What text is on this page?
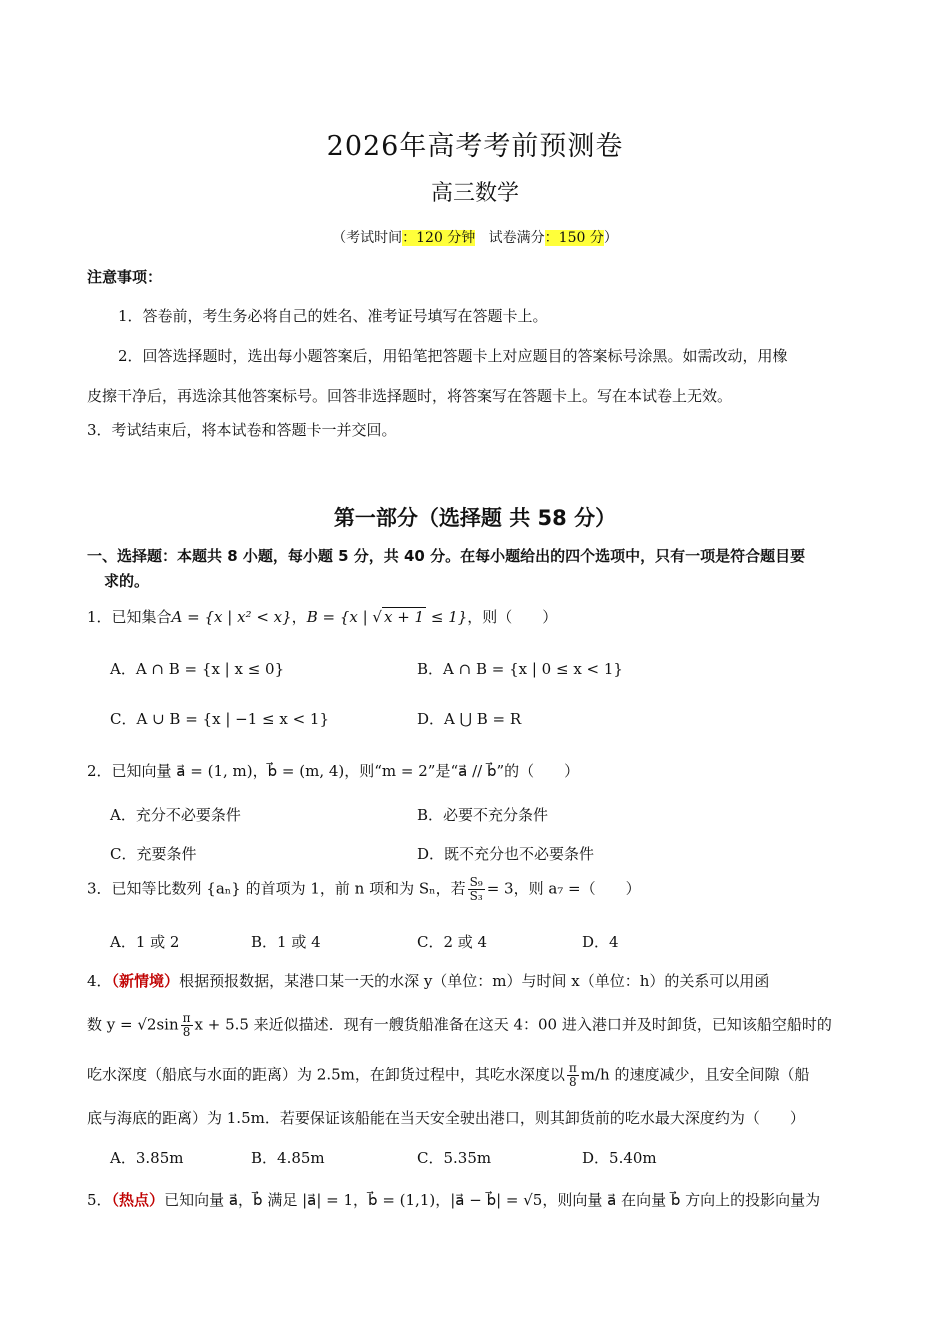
2026年高考考前预测卷
高三数学
（考试时间：120 分钟 试卷满分：150 分）
注意事项：
1．答卷前，考生务必将自己的姓名、准考证号填写在答题卡上。
2．回答选择题时，选出每小题答案后，用铅笔把答题卡上对应题目的答案标号涂黑。如需改动，用橡
皮擦干净后，再选涂其他答案标号。回答非选择题时，将答案写在答题卡上。写在本试卷上无效。
3．考试结束后，将本试卷和答题卡一并交回。
第一部分（选择题 共 58 分）
一、选择题：本题共 8 小题，每小题 5 分，共 40 分。在每小题给出的四个选项中，只有一项是符合题目要
求的。
1．已知集合A = {x | x² < x}，B = {x | √ x + 1 ≤ 1}，则（　　）
A．A ∩ B = {x | x ≤ 0}	B．A ∩ B = {x | 0 ≤ x < 1}
C．A ∪ B = {x | −1 ≤ x < 1}	D．A ⋃ B = R
2．已知向量 a⃗ = (1, m)，b⃗ = (m, 4)，则“m = 2”是“a⃗ // b⃗”的（　　）
A．充分不必要条件	B．必要不充分条件
C．充要条件	D．既不充分也不必要条件
3．已知等比数列 {aₙ} 的首项为 1，前 n 项和为 Sₙ，若 $\frac{\text{S₉}}{\text{S₃}} = 3$，则 a₇ =（　　）
A．1 或 2	B．1 或 4	C．2 或 4	D．4
4．（新情境）根据预报数据，某港口某一天的水深 y（单位：m）与时间 x（单位：h）的关系可以用函
数 $y = √2\sin \frac{\pi}{8}$ x + 5.5 来近似描述．现有一艘货船准备在这天 4：00 进入港口并及时卸货，已知该船空船时的
吃水深度（船底与水面的距离）为 2.5m，在卸货过程中，其吃水深度以 $\frac{\pi}{8} m/h$ 的速度减少，且安全间隙（船
底与海底的距离）为 1.5m．若要保证该船能在当天安全驶出港口，则其卸货前的吃水最大深度约为（　　）
A．3.85m	B．4.85m	C．5.35m	D．5.40m
5．（热点）已知向量 a⃗，b⃗ 满足 |a⃗| = 1，b⃗ = (1,1)，|a⃗ − b⃗| = √5，则向量 a⃗ 在向量 b⃗ 方向上的投影向量为
